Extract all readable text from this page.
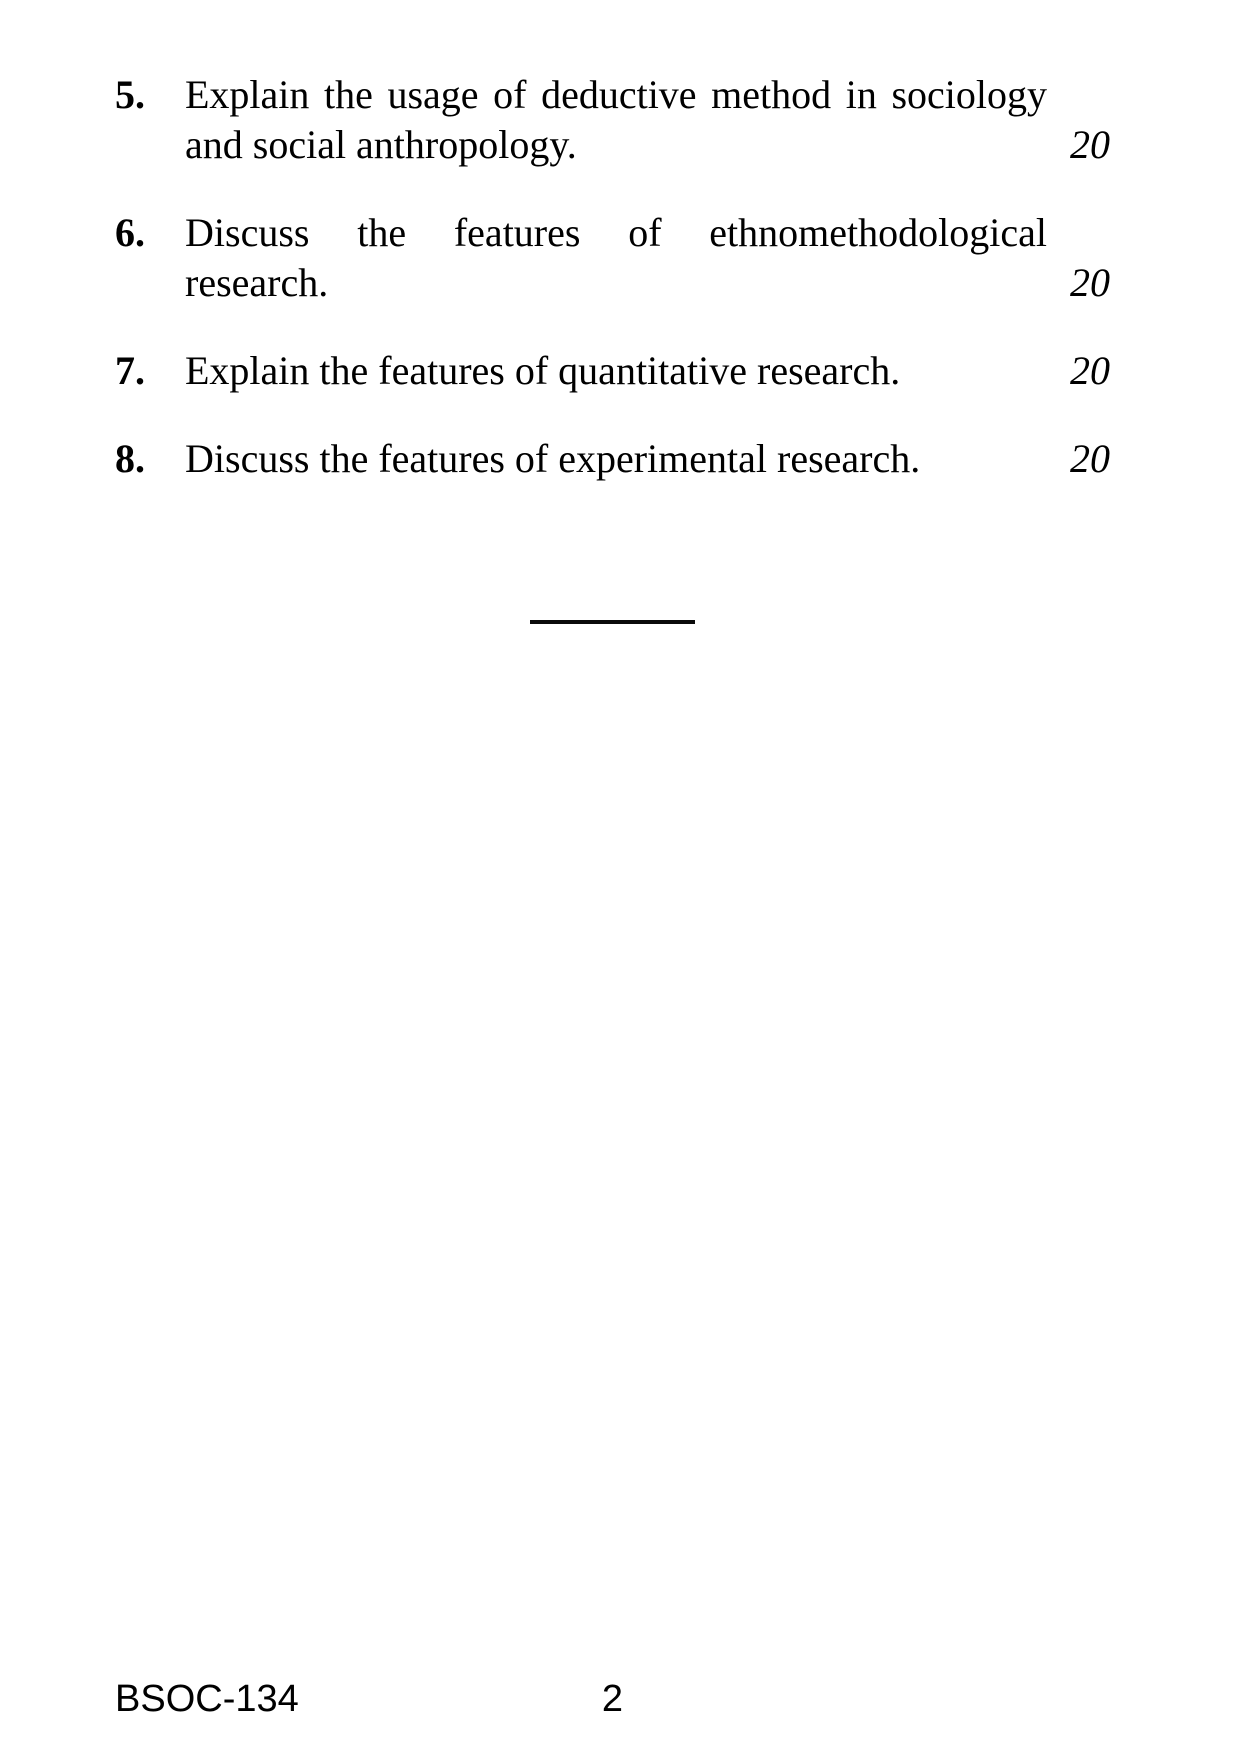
5.	Explain the usage of deductive method in sociology
and social anthropology.	20
6.	Discuss the features of ethnomethodological
research.	20
7.	Explain the features of quantitative research.	20
8.	Discuss the features of experimental research.	20
BSOC-134	2
